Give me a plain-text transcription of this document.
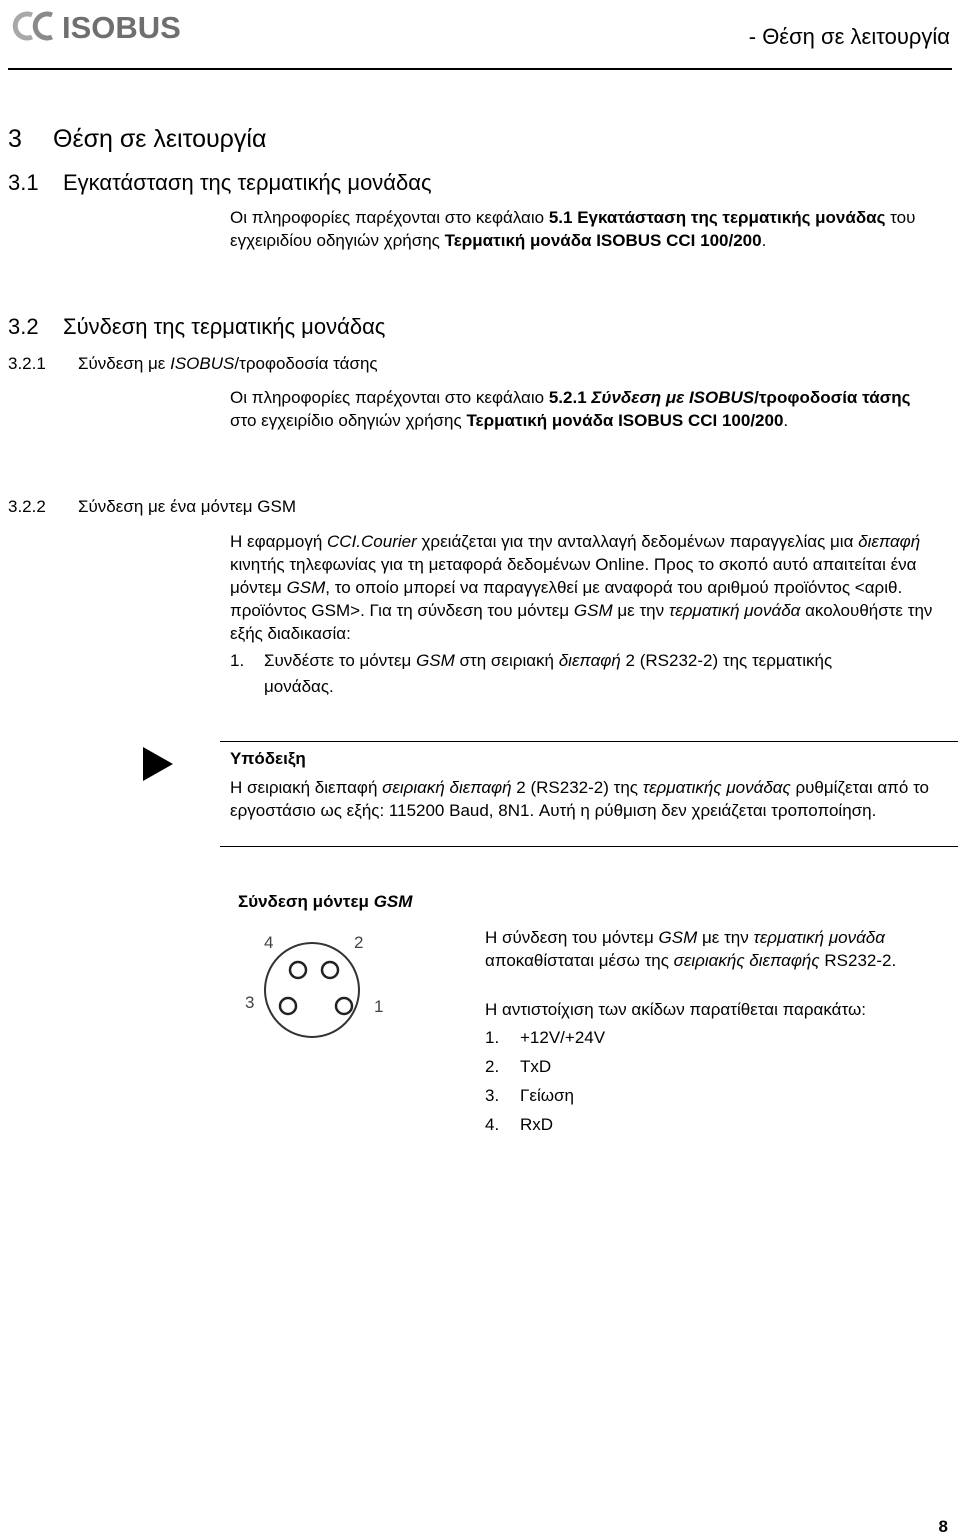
ISOBUS	- Θέση σε λειτουργία
3 Θέση σε λειτουργία
3.1 Εγκατάσταση της τερματικής μονάδας
Οι πληροφορίες παρέχονται στο κεφάλαιο 5.1 Εγκατάσταση της τερματικής μονάδας του εγχειριδίου οδηγιών χρήσης Τερματική μονάδα ISOBUS CCI 100/200.
3.2 Σύνδεση της τερματικής μονάδας
3.2.1 Σύνδεση με ISOBUS/τροφοδοσία τάσης
Οι πληροφορίες παρέχονται στο κεφάλαιο 5.2.1 Σύνδεση με ISOBUS/τροφοδοσία τάσης στο εγχειρίδιο οδηγιών χρήσης Τερματική μονάδα ISOBUS CCI 100/200.
3.2.2 Σύνδεση με ένα μόντεμ GSM
Η εφαρμογή CCI.Courier χρειάζεται για την ανταλλαγή δεδομένων παραγγελίας μια διεπαφή κινητής τηλεφωνίας για τη μεταφορά δεδομένων Online. Προς το σκοπό αυτό απαιτείται ένα μόντεμ GSM, το οποίο μπορεί να παραγγελθεί με αναφορά του αριθμού προϊόντος <αριθ. προϊόντος GSM>. Για τη σύνδεση του μόντεμ GSM με την τερματική μονάδα ακολουθήστε την εξής διαδικασία:
1. Συνδέστε το μόντεμ GSM στη σειριακή διεπαφή 2 (RS232-2) της τερματικής
μονάδας.
Υπόδειξη
Η σειριακή διεπαφή σειριακή διεπαφή 2 (RS232-2) της τερματικής μονάδας ρυθμίζεται από το εργοστάσιο ως εξής: 115200 Baud, 8N1. Αυτή η ρύθμιση δεν χρειάζεται τροποποίηση.
Σύνδεση μόντεμ GSM
4	2
3	1
Η σύνδεση του μόντεμ GSM με την τερματική μονάδα αποκαθίσταται μέσω της σειριακής διεπαφής RS232-2.
Η αντιστοίχιση των ακίδων παρατίθεται παρακάτω:
1. +12V/+24V
2. TxD
3. Γείωση
4. RxD
8
